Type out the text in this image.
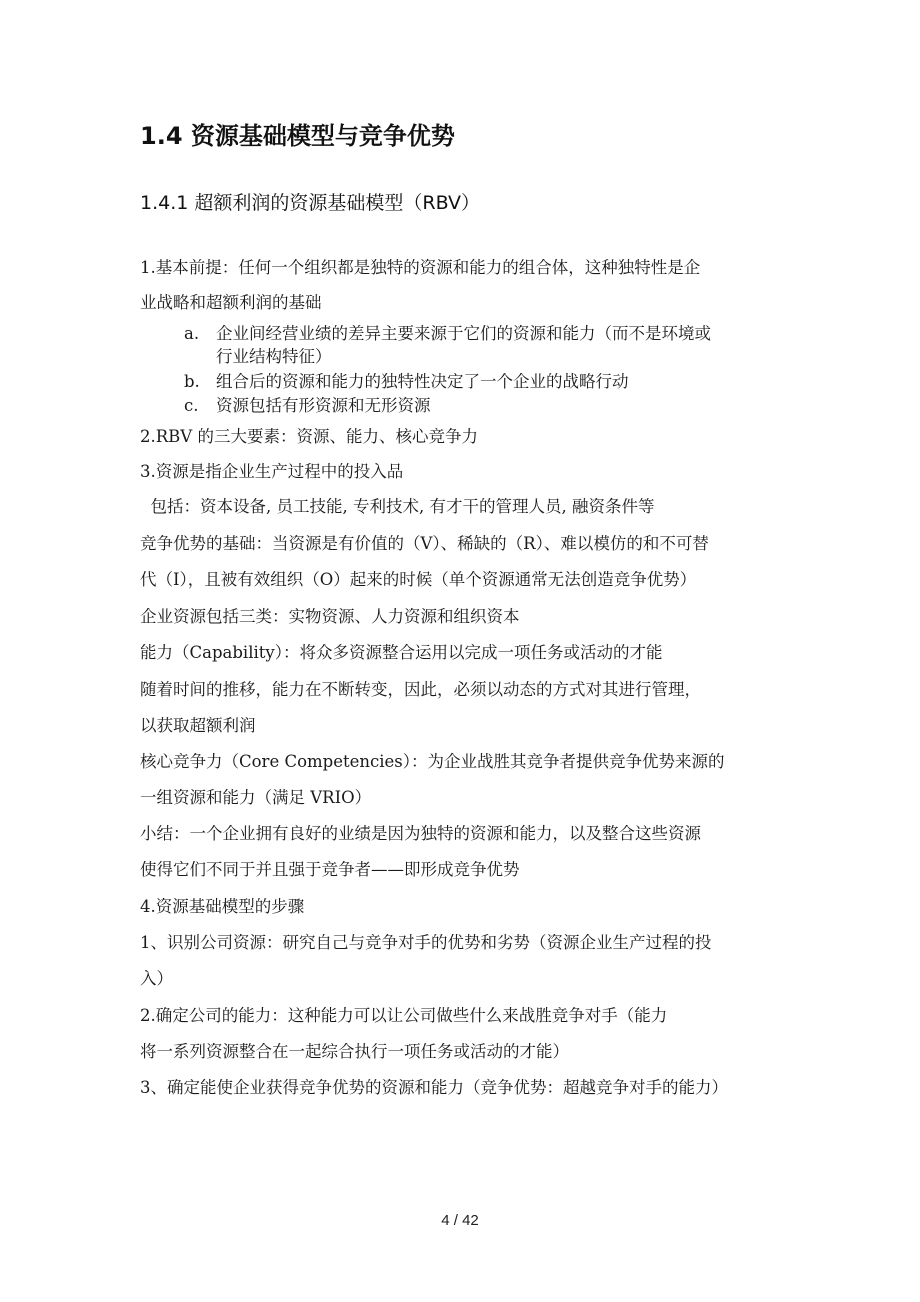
1.4 资源基础模型与竞争优势
1.4.1 超额利润的资源基础模型（RBV）
1.基本前提：任何一个组织都是独特的资源和能力的组合体，这种独特性是企
业战略和超额利润的基础
a.	企业间经营业绩的差异主要来源于它们的资源和能力（而不是环境或
行业结构特征）
b. 组合后的资源和能力的独特性决定了一个企业的战略行动
c.	资源包括有形资源和无形资源
2.RBV 的三大要素：资源、能力、核心竞争力
3.资源是指企业生产过程中的投入品
包括：资本设备, 员工技能, 专利技术, 有才干的管理人员, 融资条件等
竞争优势的基础：当资源是有价值的（V）、稀缺的（R）、难以模仿的和不可替
代（I），且被有效组织（O）起来的时候（单个资源通常无法创造竞争优势）
企业资源包括三类：实物资源、人力资源和组织资本
能力（Capability）：将众多资源整合运用以完成一项任务或活动的才能
随着时间的推移，能力在不断转变，因此，必须以动态的方式对其进行管理，
以获取超额利润
核心竞争力（Core Competencies）：为企业战胜其竞争者提供竞争优势来源的
一组资源和能力（满足 VRIO）
小结：一个企业拥有良好的业绩是因为独特的资源和能力，以及整合这些资源
使得它们不同于并且强于竞争者——即形成竞争优势
4.资源基础模型的步骤
1、识别公司资源：研究自己与竞争对手的优势和劣势（资源企业生产过程的投
入）
2.确定公司的能力：这种能力可以让公司做些什么来战胜竞争对手（能力
将一系列资源整合在一起综合执行一项任务或活动的才能）
3、确定能使企业获得竞争优势的资源和能力（竞争优势：超越竞争对手的能力）
4 / 42
